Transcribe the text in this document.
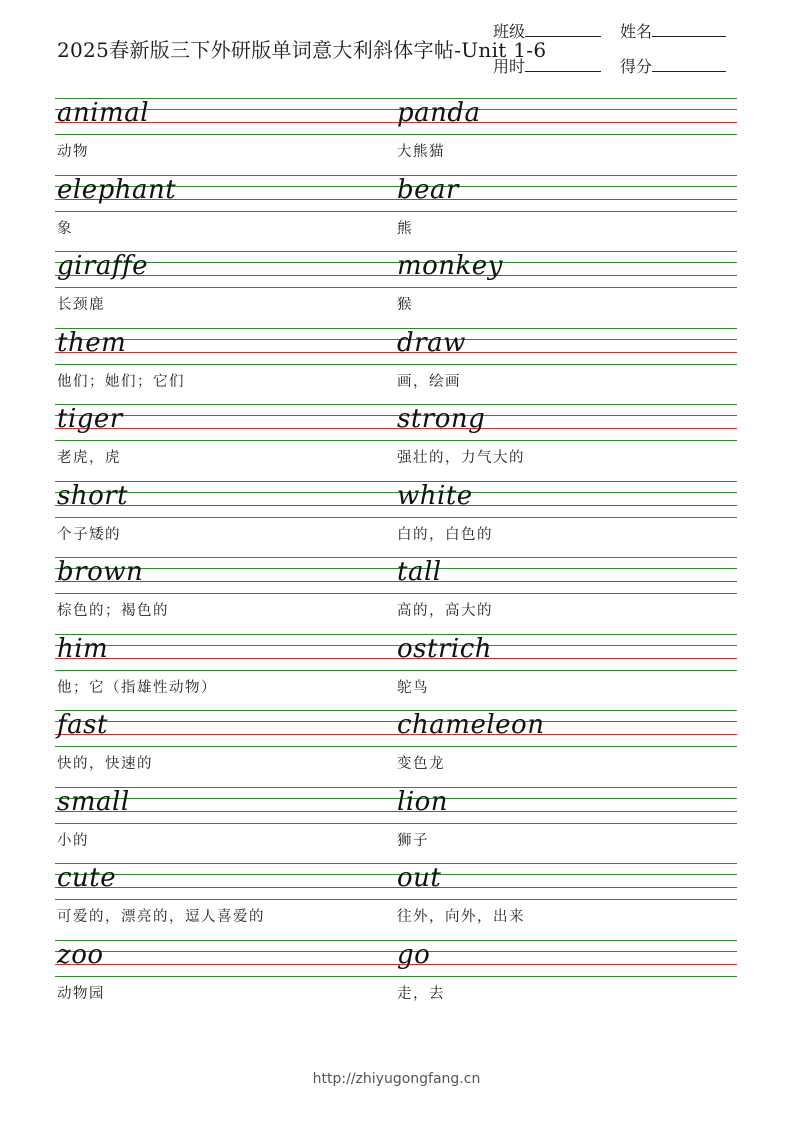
2025春新版三下外研版单词意大利斜体字帖-Unit 1-6
班级	姓名
用时	得分
animal	panda
动物	大熊猫
elephant	bear
象	熊
giraffe	monkey
长颈鹿	猴
them	draw
他们；她们；它们	画，绘画
tiger	strong
老虎，虎	强壮的，力气大的
short	white
个子矮的	白的，白色的
brown	tall
棕色的；褐色的	高的，高大的
him	ostrich
他；它（指雄性动物）	鸵鸟
fast	chameleon
快的，快速的	变色龙
small	lion
小的	狮子
cute	out
可爱的，漂亮的，逗人喜爱的	往外，向外，出来
zoo	go
动物园	走，去
http://zhiyugongfang.cn
